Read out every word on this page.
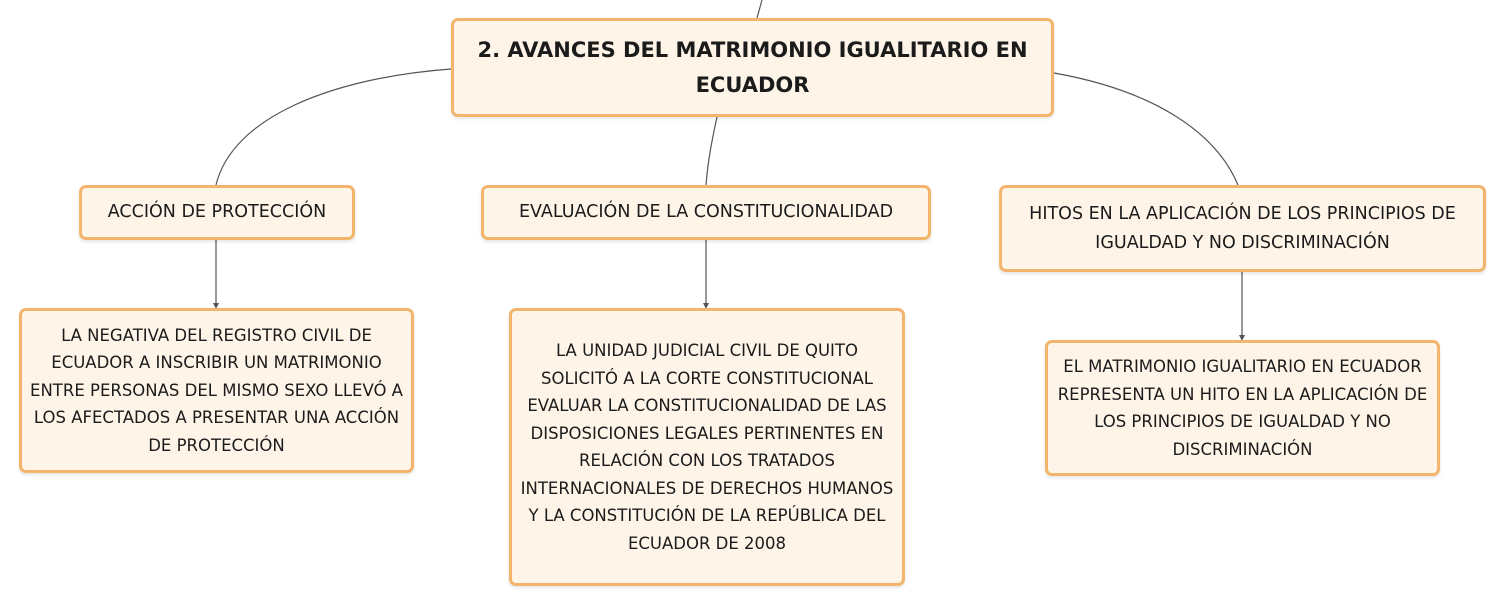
2. AVANCES DEL MATRIMONIO IGUALITARIO EN
ECUADOR
ACCIÓN DE PROTECCIÓN	EVALUACIÓN DE LA CONSTITUCIONALIDAD	HITOS EN LA APLICACIÓN DE LOS PRINCIPIOS DE
IGUALDAD Y NO DISCRIMINACIÓN
LA NEGATIVA DEL REGISTRO CIVIL DE
ECUADOR A INSCRIBIR UN MATRIMONIO
ENTRE PERSONAS DEL MISMO SEXO LLEVÓ A
LOS AFECTADOS A PRESENTAR UNA ACCIÓN
DE PROTECCIÓN
LA UNIDAD JUDICIAL CIVIL DE QUITO
SOLICITÓ A LA CORTE CONSTITUCIONAL
EVALUAR LA CONSTITUCIONALIDAD DE LAS
DISPOSICIONES LEGALES PERTINENTES EN
RELACIÓN CON LOS TRATADOS
INTERNACIONALES DE DERECHOS HUMANOS
Y LA CONSTITUCIÓN DE LA REPÚBLICA DEL
ECUADOR DE 2008
EL MATRIMONIO IGUALITARIO EN ECUADOR
REPRESENTA UN HITO EN LA APLICACIÓN DE
LOS PRINCIPIOS DE IGUALDAD Y NO
DISCRIMINACIÓN
